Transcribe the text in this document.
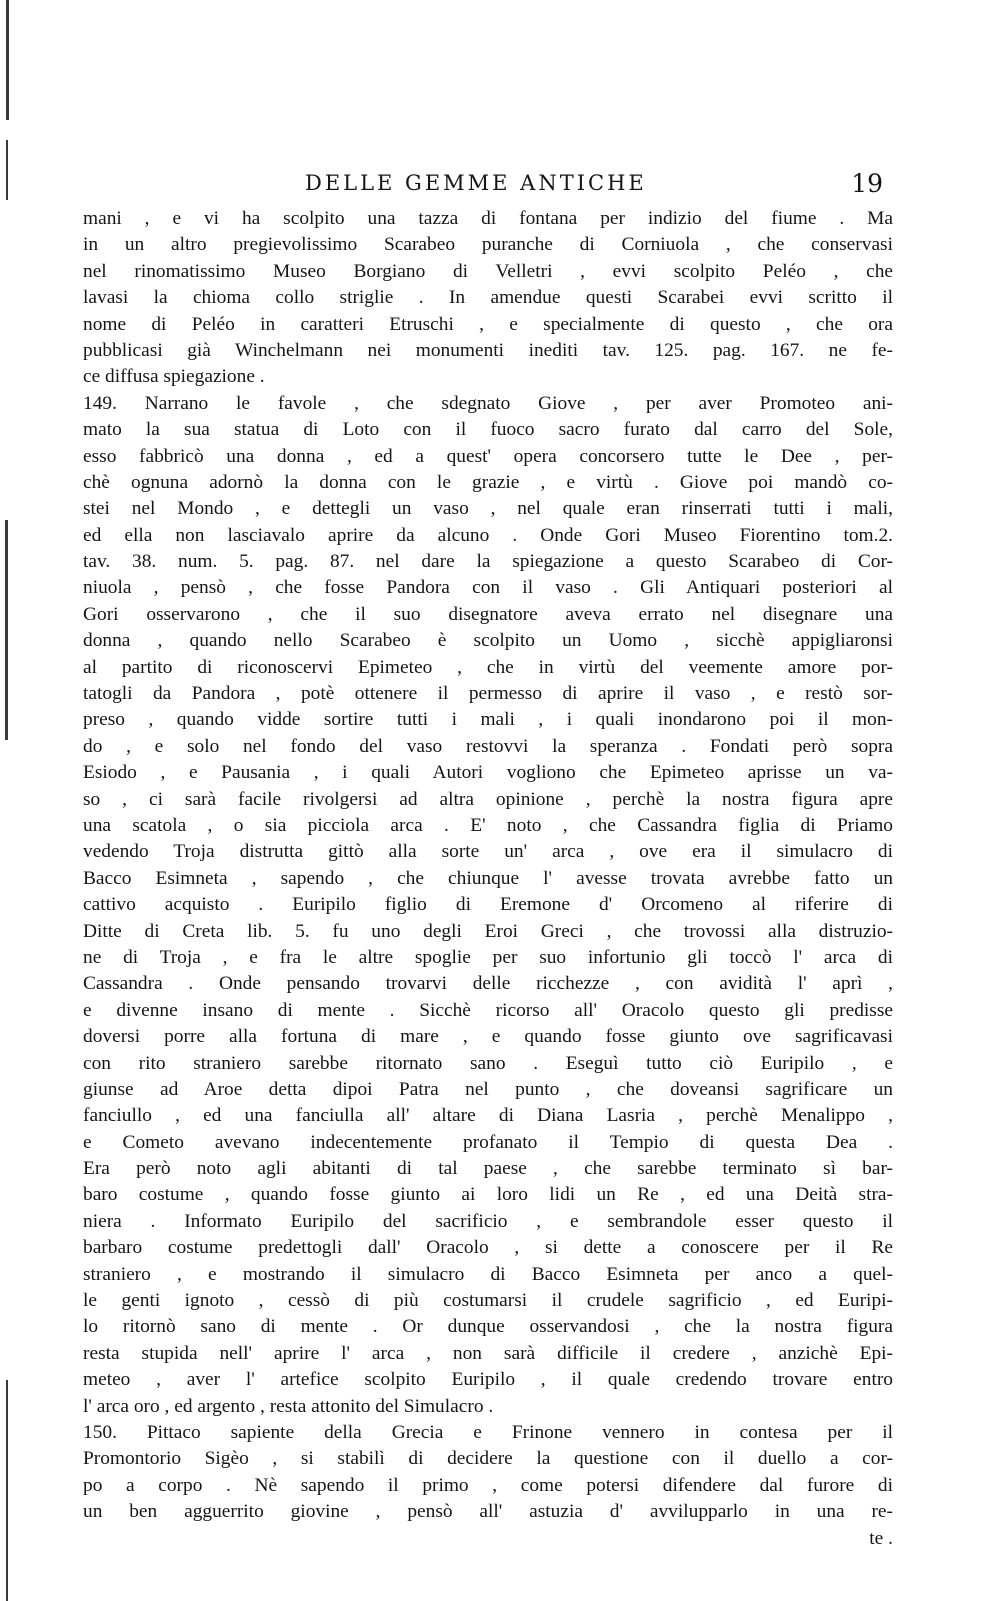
DELLE GEMME ANTICHE	19
mani , e vi ha scolpito una tazza di fontana per indizio del fiume . Ma
in un altro pregievolissimo Scarabeo puranche di Corniuola , che conservasi
nel rinomatissimo Museo Borgiano di Velletri , evvi scolpito Peléo , che
lavasi la chioma collo striglie . In amendue questi Scarabei evvi scritto il
nome di Peléo in caratteri Etruschi , e specialmente di questo , che ora
pubblicasi già Winchelmann nei monumenti inediti tav. 125. pag. 167. ne fe-
ce diffusa spiegazione .
149. Narrano le favole , che sdegnato Giove , per aver Promoteo ani-
mato la sua statua di Loto con il fuoco sacro furato dal carro del Sole,
esso fabbricò una donna , ed a quest' opera concorsero tutte le Dee , per-
chè ognuna adornò la donna con le grazie , e virtù . Giove poi mandò co-
stei nel Mondo , e dettegli un vaso , nel quale eran rinserrati tutti i mali,
ed ella non lasciavalo aprire da alcuno . Onde Gori Museo Fiorentino tom.2.
tav. 38. num. 5. pag. 87. nel dare la spiegazione a questo Scarabeo di Cor-
niuola , pensò , che fosse Pandora con il vaso . Gli Antiquari posteriori al
Gori osservarono , che il suo disegnatore aveva errato nel disegnare una
donna , quando nello Scarabeo è scolpito un Uomo , sicchè appigliaronsi
al partito di riconoscervi Epimeteo , che in virtù del veemente amore por-
tatogli da Pandora , potè ottenere il permesso di aprire il vaso , e restò sor-
preso , quando vidde sortire tutti i mali , i quali inondarono poi il mon-
do , e solo nel fondo del vaso restovvi la speranza . Fondati però sopra
Esiodo , e Pausania , i quali Autori vogliono che Epimeteo aprisse un va-
so , ci sarà facile rivolgersi ad altra opinione , perchè la nostra figura apre
una scatola , o sia picciola arca . E' noto , che Cassandra figlia di Priamo
vedendo Troja distrutta gittò alla sorte un' arca , ove era il simulacro di
Bacco Esimneta , sapendo , che chiunque l' avesse trovata avrebbe fatto un
cattivo acquisto . Euripilo figlio di Eremone d' Orcomeno al riferire di
Ditte di Creta lib. 5. fu uno degli Eroi Greci , che trovossi alla distruzio-
ne di Troja , e fra le altre spoglie per suo infortunio gli toccò l' arca di
Cassandra . Onde pensando trovarvi delle ricchezze , con avidità l' aprì ,
e divenne insano di mente . Sicchè ricorso all' Oracolo questo gli predisse
doversi porre alla fortuna di mare , e quando fosse giunto ove sagrificavasi
con rito straniero sarebbe ritornato sano . Eseguì tutto ciò Euripilo , e
giunse ad Aroe detta dipoi Patra nel punto , che doveansi sagrificare un
fanciullo , ed una fanciulla all' altare di Diana Lasria , perchè Menalippo ,
e Cometo avevano indecentemente profanato il Tempio di questa Dea .
Era però noto agli abitanti di tal paese , che sarebbe terminato sì bar-
baro costume , quando fosse giunto ai loro lidi un Re , ed una Deità stra-
niera . Informato Euripilo del sacrificio , e sembrandole esser questo il
barbaro costume predettogli dall' Oracolo , si dette a conoscere per il Re
straniero , e mostrando il simulacro di Bacco Esimneta per anco a quel-
le genti ignoto , cessò di più costumarsi il crudele sagrificio , ed Euripi-
lo ritornò sano di mente . Or dunque osservandosi , che la nostra figura
resta stupida nell' aprire l' arca , non sarà difficile il credere , anzichè Epi-
meteo , aver l' artefice scolpito Euripilo , il quale credendo trovare entro
l' arca oro , ed argento , resta attonito del Simulacro .
150. Pittaco sapiente della Grecia e Frinone vennero in contesa per il
Promontorio Sigèo , si stabilì di decidere la questione con il duello a cor-
po a corpo . Nè sapendo il primo , come potersi difendere dal furore di
un ben agguerrito giovine , pensò all' astuzia d' avvilupparlo in una re-
te .
